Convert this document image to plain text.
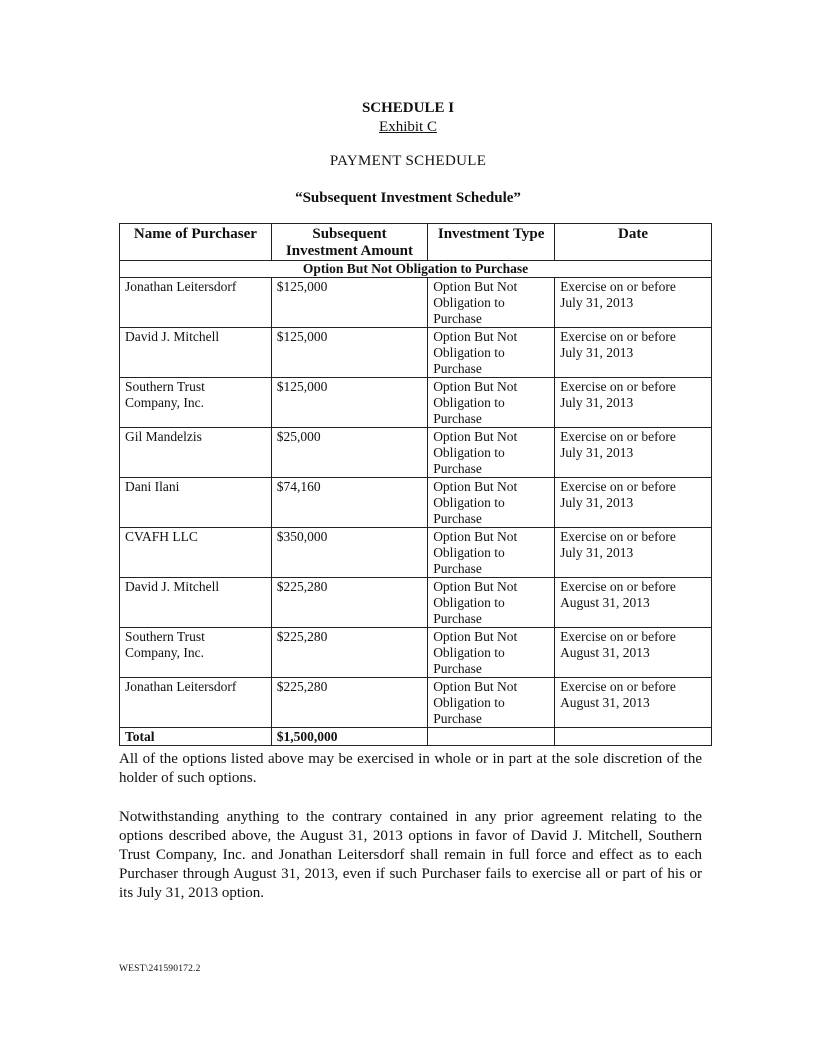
SCHEDULE I
Exhibit C
PAYMENT SCHEDULE
“Subsequent Investment Schedule”
Name of Purchaser	Subsequent Investment Amount	Investment Type	Date
Option But Not Obligation to Purchase			
Jonathan Leitersdorf	$125,000	Option But Not Obligation to Purchase	Exercise on or before July 31, 2013

David J. Mitchell	$125,000	Option But Not Obligation to Purchase	Exercise on or before July 31, 2013

Southern Trust Company, Inc.	$125,000	Option But Not Obligation to Purchase	Exercise on or before July 31, 2013

Gil Mandelzis	$25,000	Option But Not Obligation to Purchase	Exercise on or before July 31, 2013

Dani Ilani	$74,160	Option But Not Obligation to Purchase	Exercise on or before July 31, 2013

CVAFH LLC	$350,000	Option But Not Obligation to Purchase	Exercise on or before July 31, 2013

David J. Mitchell	$225,280	Option But Not Obligation to Purchase	Exercise on or before August 31, 2013

Southern Trust Company, Inc.	$225,280	Option But Not Obligation to Purchase	Exercise on or before August 31, 2013

Jonathan Leitersdorf	$225,280	Option But Not Obligation to Purchase	Exercise on or before August 31, 2013

Total	$1,500,000		
All of the options listed above may be exercised in whole or in part at the sole discretion of the holder of such options.
Notwithstanding anything to the contrary contained in any prior agreement relating to the options described above, the August 31, 2013 options in favor of David J. Mitchell, Southern Trust Company, Inc. and Jonathan Leitersdorf shall remain in full force and effect as to each Purchaser through August 31, 2013, even if such Purchaser fails to exercise all or part of his or its July 31, 2013 option.
WEST\241590172.2
